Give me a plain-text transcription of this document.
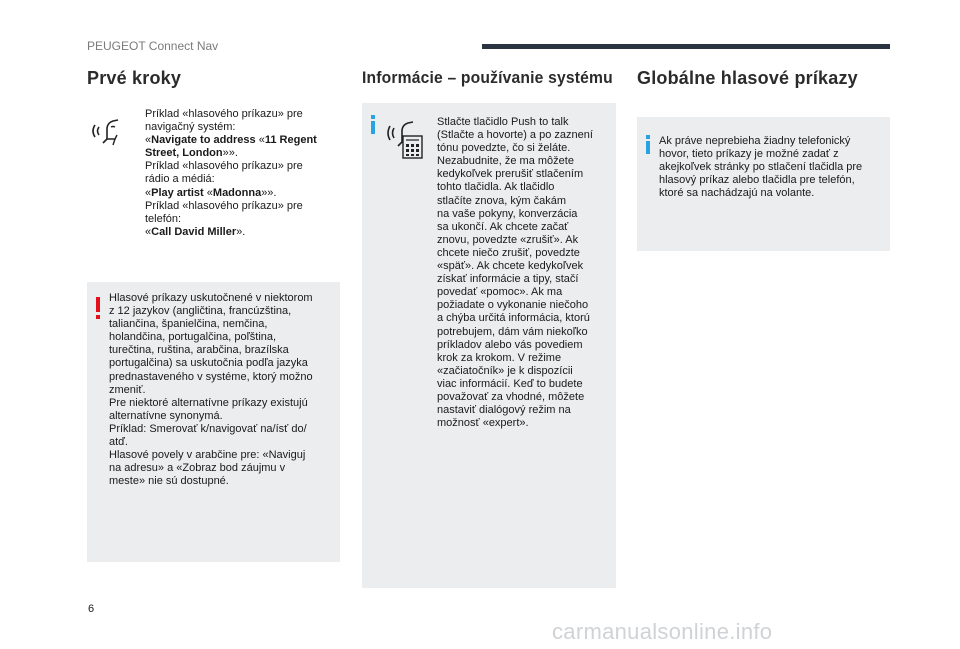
PEUGEOT Connect Nav
Prvé kroky

Príklad «hlasového príkazu» pre

navigačný systém:

«Navigate to address «11 Regent

Street, London»».

Príklad «hlasového príkazu» pre

rádio a médiá:

«Play artist «Madonna»».

Príklad «hlasového príkazu» pre

telefón:

«Call David Miller».

Hlasové príkazy uskutočnené v niektorom

z 12 jazykov (angličtina, francúzština,

taliančina, španielčina, nemčina,

holandčina, portugalčina, poľština,

turečtina, ruština, arabčina, brazílska

portugalčina) sa uskutočnia podľa jazyka

prednastaveného v systéme, ktorý možno

zmeniť.

Pre niektoré alternatívne príkazy existujú

alternatívne synonymá.

Príklad: Smerovať k/navigovať na/ísť do/

atď.

Hlasové povely v arabčine pre: «Naviguj

na adresu» a «Zobraz bod záujmu v

meste» nie sú dostupné.

Informácie – používanie systému

Stlačte tlačidlo Push to talk

(Stlačte a hovorte) a po zaznení

tónu povedzte, čo si želáte.

Nezabudnite, že ma môžete

kedykoľvek prerušiť stlačením

tohto tlačidla. Ak tlačidlo

stlačíte znova, kým čakám

na vaše pokyny, konverzácia

sa ukončí. Ak chcete začať

znovu, povedzte «zrušiť». Ak

chcete niečo zrušiť, povedzte

«späť». Ak chcete kedykoľvek

získať informácie a tipy, stačí

povedať «pomoc». Ak ma

požiadate o vykonanie niečoho

a chýba určitá informácia, ktorú

potrebujem, dám vám niekoľko

príkladov alebo vás povediem

krok za krokom. V režime

«začiatočník» je k dispozícii

viac informácií. Keď to budete

považovať za vhodné, môžete

nastaviť dialógový režim na

možnosť «expert».

Globálne hlasové príkazy

Ak práve neprebieha žiadny telefonický

hovor, tieto príkazy je možné zadať z

akejkoľvek stránky po stlačení tlačidla pre

hlasový príkaz alebo tlačidla pre telefón,

ktoré sa nachádzajú na volante.

6
carmanualsonline.info
